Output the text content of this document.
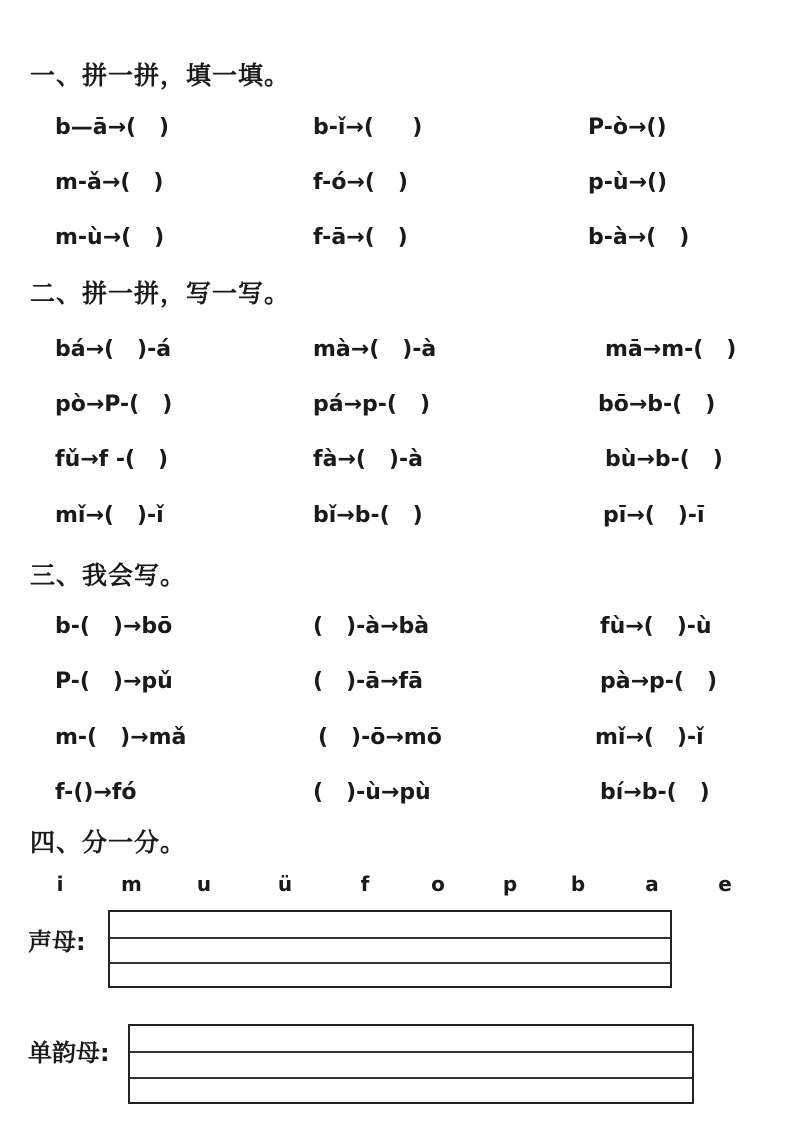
一、拼一拼，填一填。
b—ā→(   )	b-ǐ→(     )	P-ò→()
m-ǎ→(   )	f-ó→(   )	p-ù→()
m-ù→(   )	f-ā→(   )	b-à→(   )
二、拼一拼，写一写。
bá→(   )-á	mà→(   )-à	mā→m-(   )
pò→P-(   )	pá→p-(   )	bō→b-(   )
fǔ→f -(   )	fà→(   )-à	bù→b-(   )
mǐ→(   )-ǐ	bǐ→b-(   )	pī→(   )-ī
三、我会写。
b-(   )→bō	(   )-à→bà	fù→(   )-ù
P-(   )→pǔ	(   )-ā→fā	pà→p-(   )
m-(   )→mǎ	(   )-ō→mō	mǐ→(   )-ǐ
f-()→fó	(   )-ù→pù	bí→b-(   )
四、分一分。
i	m	u	ü	f	o	p	b	a	e
声母:
单韵母:
